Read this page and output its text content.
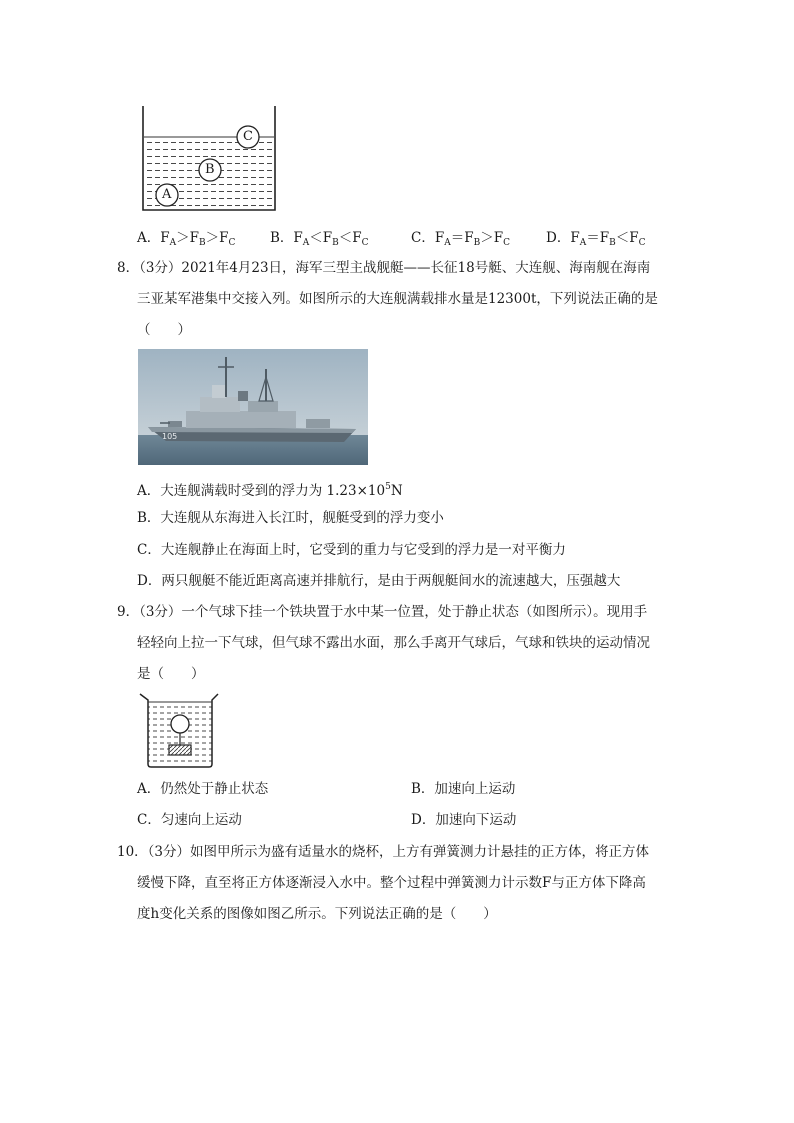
C
B
A
A．$F_A>F_B>F_C$	B．$F_A<F_B<F_C$	C．$F_A=F_B>F_C$	D．$F_A=F_B<F_C$
8．（3分）2021年4月23日，海军三型主战舰艇——长征18号艇、大连舰、海南舰在海南
三亚某军港集中交接入列。如图所示的大连舰满载排水量是12300t，下列说法正确的是
（　　）
105
A．大连舰满载时受到的浮力为 $1.23\times 10^5N$
B．大连舰从东海进入长江时，舰艇受到的浮力变小
C．大连舰静止在海面上时，它受到的重力与它受到的浮力是一对平衡力
D．两只舰艇不能近距离高速并排航行，是由于两舰艇间水的流速越大，压强越大
9．（3分）一个气球下挂一个铁块置于水中某一位置，处于静止状态（如图所示）。现用手
轻轻向上拉一下气球，但气球不露出水面，那么手离开气球后，气球和铁块的运动情况
是（　　）
A．仍然处于静止状态	B．加速向上运动
C．匀速向上运动	D．加速向下运动
10．（3分）如图甲所示为盛有适量水的烧杯，上方有弹簧测力计悬挂的正方体，将正方体
缓慢下降，直至将正方体逐渐浸入水中。整个过程中弹簧测力计示数F与正方体下降高
度h变化关系的图像如图乙所示。下列说法正确的是（　　）
